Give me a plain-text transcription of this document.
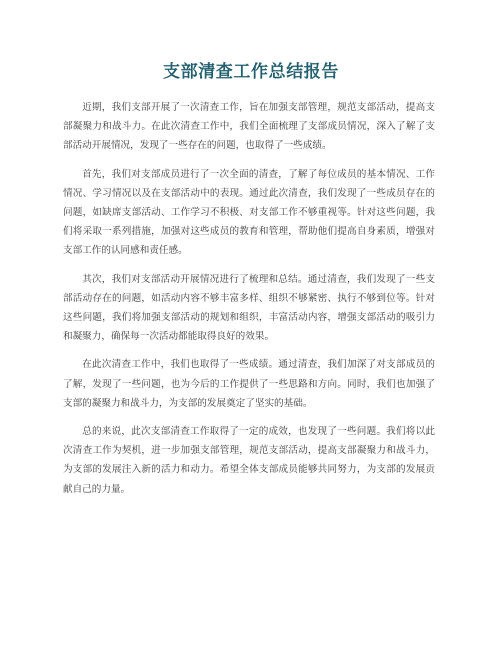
支部清查工作总结报告

近期，我们支部开展了一次清查工作，旨在加强支部管理，规范支部活动，提高支部凝聚力和战斗力。在此次清查工作中，我们全面梳理了支部成员情况，深入了解了支部活动开展情况，发现了一些存在的问题，也取得了一些成绩。

首先，我们对支部成员进行了一次全面的清查，了解了每位成员的基本情况、工作情况、学习情况以及在支部活动中的表现。通过此次清查，我们发现了一些成员存在的问题，如缺席支部活动、工作学习不积极、对支部工作不够重视等。针对这些问题，我们将采取一系列措施，加强对这些成员的教育和管理，帮助他们提高自身素质，增强对支部工作的认同感和责任感。

其次，我们对支部活动开展情况进行了梳理和总结。通过清查，我们发现了一些支部活动存在的问题，如活动内容不够丰富多样、组织不够紧密、执行不够到位等。针对这些问题，我们将加强支部活动的规划和组织，丰富活动内容，增强支部活动的吸引力和凝聚力，确保每一次活动都能取得良好的效果。

在此次清查工作中，我们也取得了一些成绩。通过清查，我们加深了对支部成员的了解，发现了一些问题，也为今后的工作提供了一些思路和方向。同时，我们也加强了支部的凝聚力和战斗力，为支部的发展奠定了坚实的基础。

总的来说，此次支部清查工作取得了一定的成效，也发现了一些问题。我们将以此次清查工作为契机，进一步加强支部管理，规范支部活动，提高支部凝聚力和战斗力，为支部的发展注入新的活力和动力。希望全体支部成员能够共同努力，为支部的发展贡献自己的力量。
